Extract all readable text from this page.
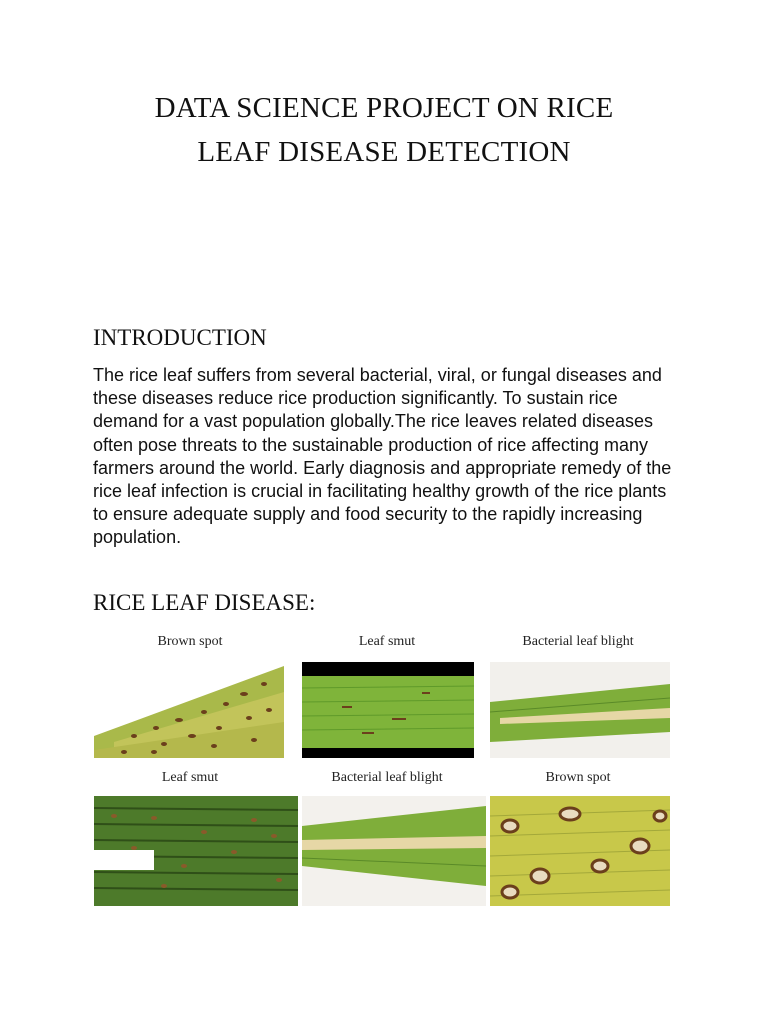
DATA SCIENCE PROJECT ON RICE
LEAF DISEASE DETECTION
INTRODUCTION

The rice leaf suffers from several bacterial, viral, or fungal diseases and these diseases reduce rice production significantly. To sustain rice demand for a vast population globally.The rice leaves related diseases often pose threats to the sustainable production of rice affecting many farmers around the world. Early diagnosis and appropriate remedy of the rice leaf infection is crucial in facilitating healthy growth of the rice plants to ensure adequate supply and food security to the rapidly increasing population.

RICE LEAF DISEASE:
Brown spot	Leaf smut	Bacterial leaf blight
Leaf smut	Bacterial leaf blight	Brown spot
